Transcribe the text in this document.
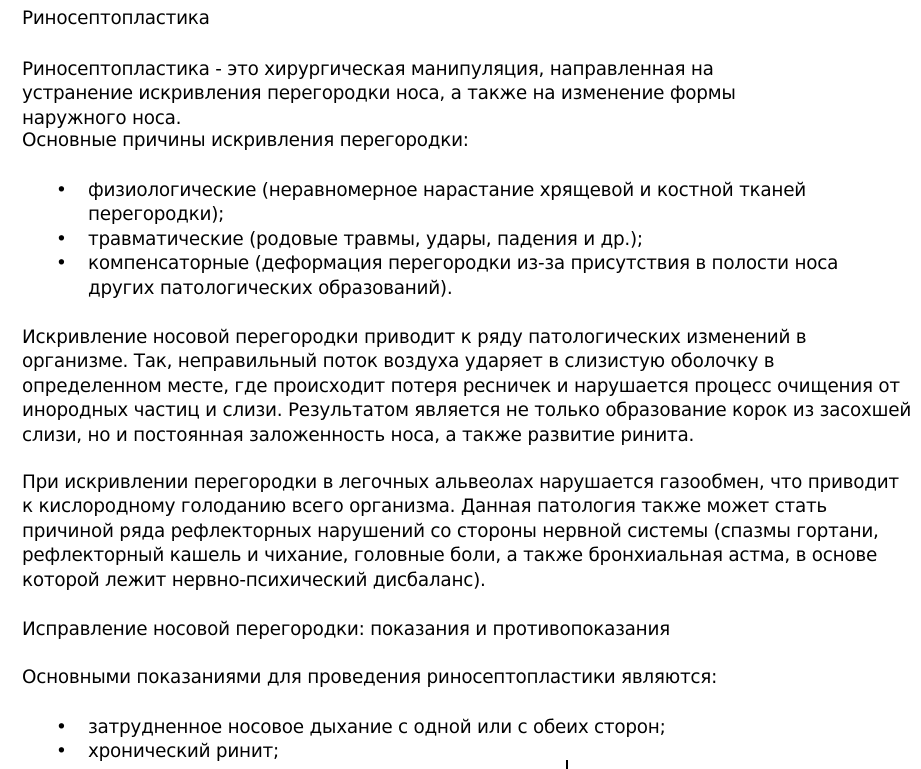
Риносептопластика

Риносептопластика - это хирургическая манипуляция, направленная на устранение искривления перегородки носа, а также на изменение формы наружного носа.

Основные причины искривления перегородки:

• физиологические (неравномерное нарастание хрящевой и костной тканей перегородки);
• травматические (родовые травмы, удары, падения и др.);
• компенсаторные (деформация перегородки из-за присутствия в полости носа других патологических образований).

Искривление носовой перегородки приводит к ряду патологических изменений в организме. Так, неправильный поток воздуха ударяет в слизистую оболочку в определенном месте, где происходит потеря ресничек и нарушается процесс очищения от инородных частиц и слизи. Результатом является не только образование корок из засохшей слизи, но и постоянная заложенность носа, а также развитие ринита.

При искривлении перегородки в легочных альвеолах нарушается газообмен, что приводит к кислородному голоданию всего организма. Данная патология также может стать причиной ряда рефлекторных нарушений со стороны нервной системы (спазмы гортани, рефлекторный кашель и чихание, головные боли, а также бронхиальная астма, в основе которой лежит нервно-психический дисбаланс).

Исправление носовой перегородки: показания и противопоказания

Основными показаниями для проведения риносептопластики являются:

• затрудненное носовое дыхание с одной или с обеих сторон;
• хронический ринит;
